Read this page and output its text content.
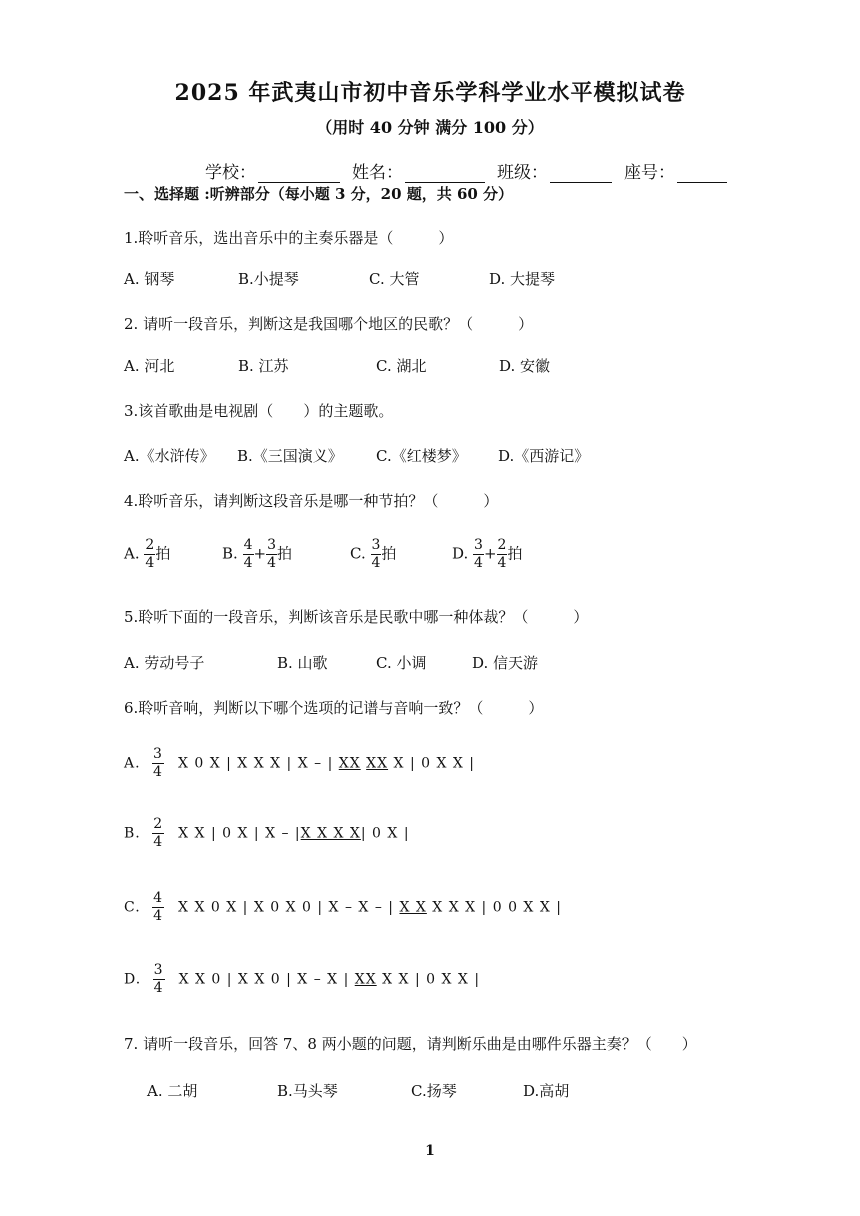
2025 年武夷山市初中音乐学科学业水平模拟试卷
（用时 40 分钟 满分 100 分）
学校：	姓名：	班级：	座号：
一、选择题 :听辨部分（每小题 3 分，20 题，共 60 分）
1.聆听音乐，选出音乐中的主奏乐器是（　　　）
A. 钢琴	B.小提琴	C. 大管	D. 大提琴
2. 请听一段音乐，判断这是我国哪个地区的民歌？（　　　）
A. 河北	B. 江苏	C. 湖北	D. 安徽
3.该首歌曲是电视剧（　　）的主题歌。
A.《水浒传》 B.《三国演义》 C.《红楼梦》 D.《西游记》
4.聆听音乐，请判断这段音乐是哪一种节拍？（　　　）
A. $\frac{2}{4}$ 拍	B. $\frac{4}{4} + \frac{3}{4}$ 拍	C. $\frac{3}{4}$ 拍	D. $\frac{3}{4} + \frac{2}{4}$ 拍
5.聆听下面的一段音乐，判断该音乐是民歌中哪一种体裁？（　　　）
A. 劳动号子	B. 山歌	C. 小调	D. 信天游
6.聆听音响，判断以下哪个选项的记谱与音响一致？（　　　）
A. $\frac{3}{4}$ X 0 X | X X X | X – | XX XX X | 0 X X |
B. $\frac{2}{4}$ X X | 0 X | X – |X X X X| 0 X |
C. $\frac{4}{4}$ X X 0 X | X 0 X 0 | X – X – | X X X X X | 0 0 X X |
D. $\frac{3}{4}$ X X 0 | X X 0 | X – X | XX X X | 0 X X |
7. 请听一段音乐，回答 7、8 两小题的问题，请判断乐曲是由哪件乐器主奏？（　　）
A. 二胡	B.马头琴	C.扬琴	D.高胡
1
